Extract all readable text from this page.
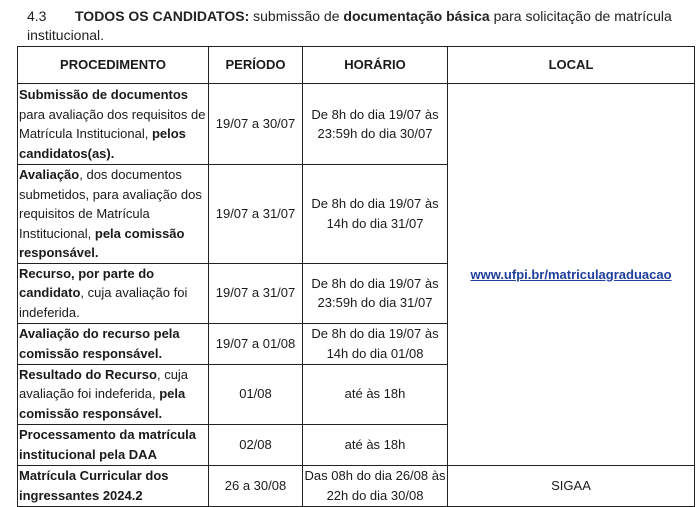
4.3 TODOS OS CANDIDATOS: submissão de documentação básica para solicitação de matrícula institucional.
PROCEDIMENTO	PERÍODO	HORÁRIO	LOCAL
Submissão de documentos para avaliação dos requisitos de Matrícula Institucional, pelos candidatos(as).	19/07 a 30/07	De 8h do dia 19/07 às 23:59h do dia 30/07	www.ufpi.br/matriculagraduacao
Avaliação, dos documentos submetidos, para avaliação dos requisitos de Matrícula Institucional, pela comissão responsável.	19/07 a 31/07	De 8h do dia 19/07 às 14h do dia 31/07	
Recurso, por parte do candidato, cuja avaliação foi indeferida.	19/07 a 31/07	De 8h do dia 19/07 às 23:59h do dia 31/07	
Avaliação do recurso pela comissão responsável.	19/07 a 01/08	De 8h do dia 19/07 às 14h do dia 01/08	
Resultado do Recurso, cuja avaliação foi indeferida, pela comissão responsável.	01/08	até às 18h	
Processamento da matrícula institucional pela DAA	02/08	até às 18h	
Matrícula Curricular dos ingressantes 2024.2	26 a 30/08	Das 08h do dia 26/08 às 22h do dia 30/08	SIGAA
